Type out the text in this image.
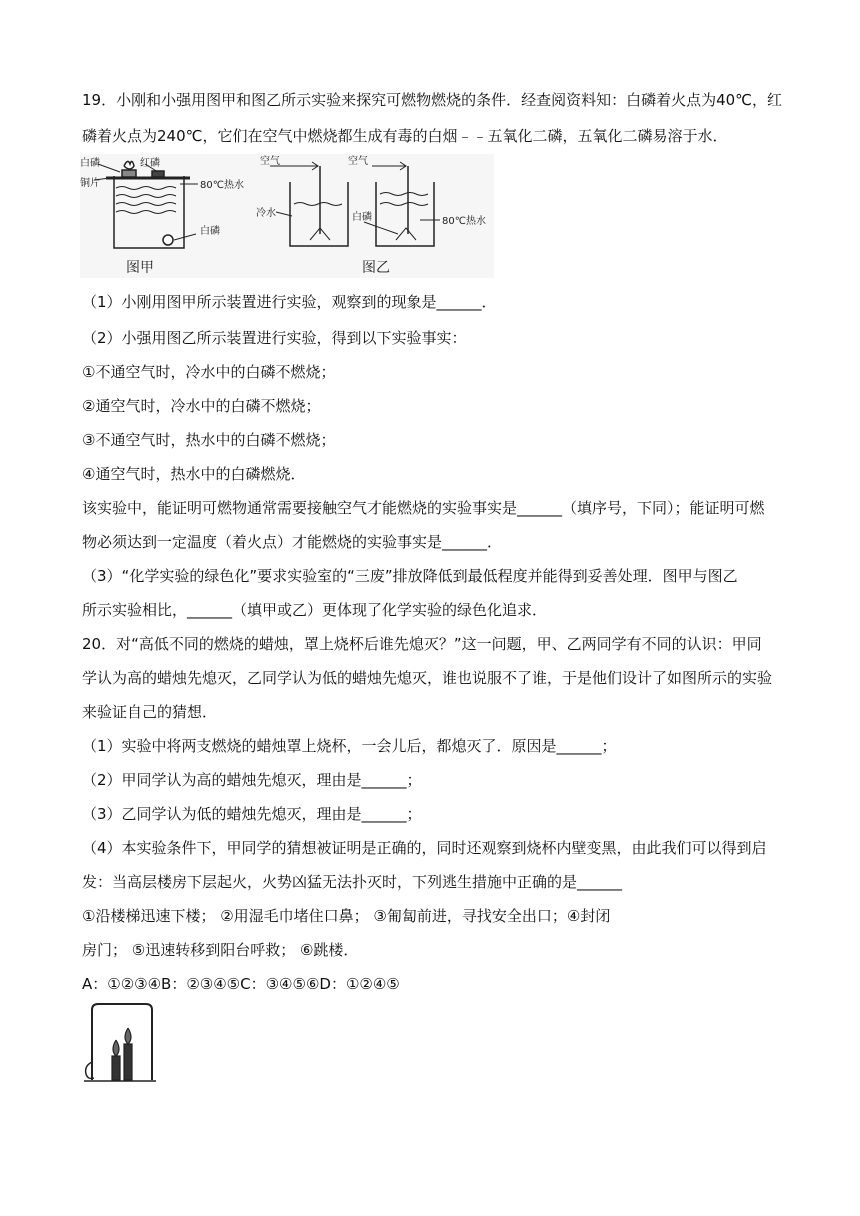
19．小刚和小强用图甲和图乙所示实验来探究可燃物燃烧的条件．经查阅资料知：白磷着火点为40℃，红
磷着火点为240℃，它们在空气中燃烧都生成有毒的白烟﹣﹣五氧化二磷，五氧化二磷易溶于水．
白磷	红磷
铜片	80℃热水
白磷
图甲
空气
冷水
空气
白磷	80℃热水
图乙
（1）小刚用图甲所示装置进行实验，观察到的现象是______．
（2）小强用图乙所示装置进行实验，得到以下实验事实：
①不通空气时，冷水中的白磷不燃烧；
②通空气时，冷水中的白磷不燃烧；
③不通空气时，热水中的白磷不燃烧；
④通空气时，热水中的白磷燃烧．
该实验中，能证明可燃物通常需要接触空气才能燃烧的实验事实是______（填序号，下同）；能证明可燃
物必须达到一定温度（着火点）才能燃烧的实验事实是______．
（3）“化学实验的绿色化”要求实验室的“三废”排放降低到最低程度并能得到妥善处理．图甲与图乙
所示实验相比，______（填甲或乙）更体现了化学实验的绿色化追求．
20．对“高低不同的燃烧的蜡烛，罩上烧杯后谁先熄灭？”这一问题，甲、乙两同学有不同的认识：甲同
学认为高的蜡烛先熄灭，乙同学认为低的蜡烛先熄灭，谁也说服不了谁，于是他们设计了如图所示的实验
来验证自己的猜想．
（1）实验中将两支燃烧的蜡烛罩上烧杯，一会儿后，都熄灭了．原因是______；
（2）甲同学认为高的蜡烛先熄灭，理由是______；
（3）乙同学认为低的蜡烛先熄灭，理由是______；
（4）本实验条件下，甲同学的猜想被证明是正确的，同时还观察到烧杯内壁变黑，由此我们可以得到启
发：当高层楼房下层起火，火势凶猛无法扑灭时，下列逃生措施中正确的是______
①沿楼梯迅速下楼； ②用湿毛巾堵住口鼻； ③匍匐前进，寻找安全出口；④封闭
房门； ⑤迅速转移到阳台呼救； ⑥跳楼．
A：①②③④B：②③④⑤C：③④⑤⑥D：①②④⑤
